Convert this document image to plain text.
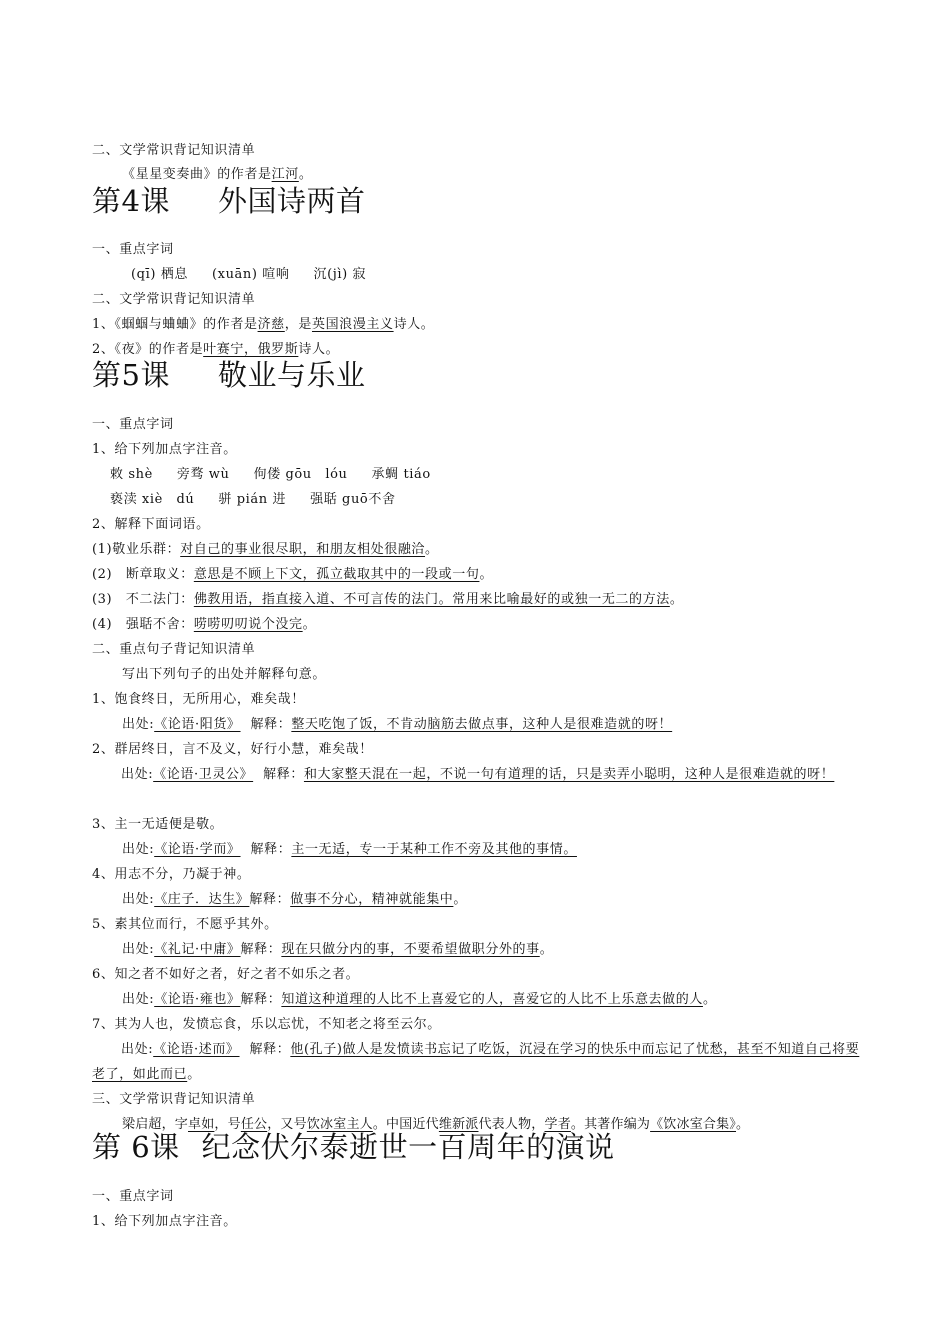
二、文学常识背记知识清单
《星星变奏曲》的作者是江河。
第4课 外国诗两首
一、重点字词
(qī) 栖息 (xuān) 喧响 沉(jì) 寂
二、文学常识背记知识清单
1、《蝈蝈与蛐蛐》的作者是济慈，是英国浪漫主义诗人。
2、《夜》的作者是叶赛宁，俄罗斯诗人。
第5课 敬业与乐业
一、重点字词
1、给下列加点字注音。
敕 shè 旁骛 wù 佝偻 gōu　lóu 承蜩 tiáo
亵渎 xiè　dú 骈 pián 进 强聒 guō不舍
2、解释下面词语。
(1)敬业乐群：对自己的事业很尽职，和朋友相处很融洽。
(2)　断章取义：意思是不顾上下文，孤立截取其中的一段或一句。
(3)　不二法门：佛教用语，指直接入道、不可言传的法门。常用来比喻最好的或独一无二的方法。
(4)　强聒不舍：唠唠叨叨说个没完。
二、重点句子背记知识清单
写出下列句子的出处并解释句意。
1、饱食终日，无所用心，难矣哉！
出处:《论语·阳货》 解释：整天吃饱了饭，不肯动脑筋去做点事，这种人是很难造就的呀！
2、群居终日，言不及义，好行小慧，难矣哉！
出处:《论语·卫灵公》 解释：和大家整天混在一起，不说一句有道理的话，只是卖弄小聪明，这种人是很难造就的呀！
3、主一无适便是敬。
出处:《论语·学而》 解释：主一无适，专一于某种工作不旁及其他的事情。
4、用志不分，乃凝于神。
出处:《庄子．达生》解释：做事不分心，精神就能集中。
5、素其位而行，不愿乎其外。
出处:《礼记·中庸》解释：现在只做分内的事，不要希望做职分外的事。
6、知之者不如好之者，好之者不如乐之者。
出处:《论语·雍也》解释：知道这种道理的人比不上喜爱它的人，喜爱它的人比不上乐意去做的人。
7、其为人也，发愤忘食，乐以忘忧，不知老之将至云尔。
出处:《论语·述而》 解释：他(孔子)做人是发愤读书忘记了吃饭，沉浸在学习的快乐中而忘记了忧愁，甚至不知道自己将要老了，如此而已。
三、文学常识背记知识清单
梁启超，字卓如，号任公，又号饮冰室主人。中国近代维新派代表人物，学者。其著作编为《饮冰室合集》。
第 6课 纪念伏尔泰逝世一百周年的演说
一、重点字词
1、给下列加点字注音。
